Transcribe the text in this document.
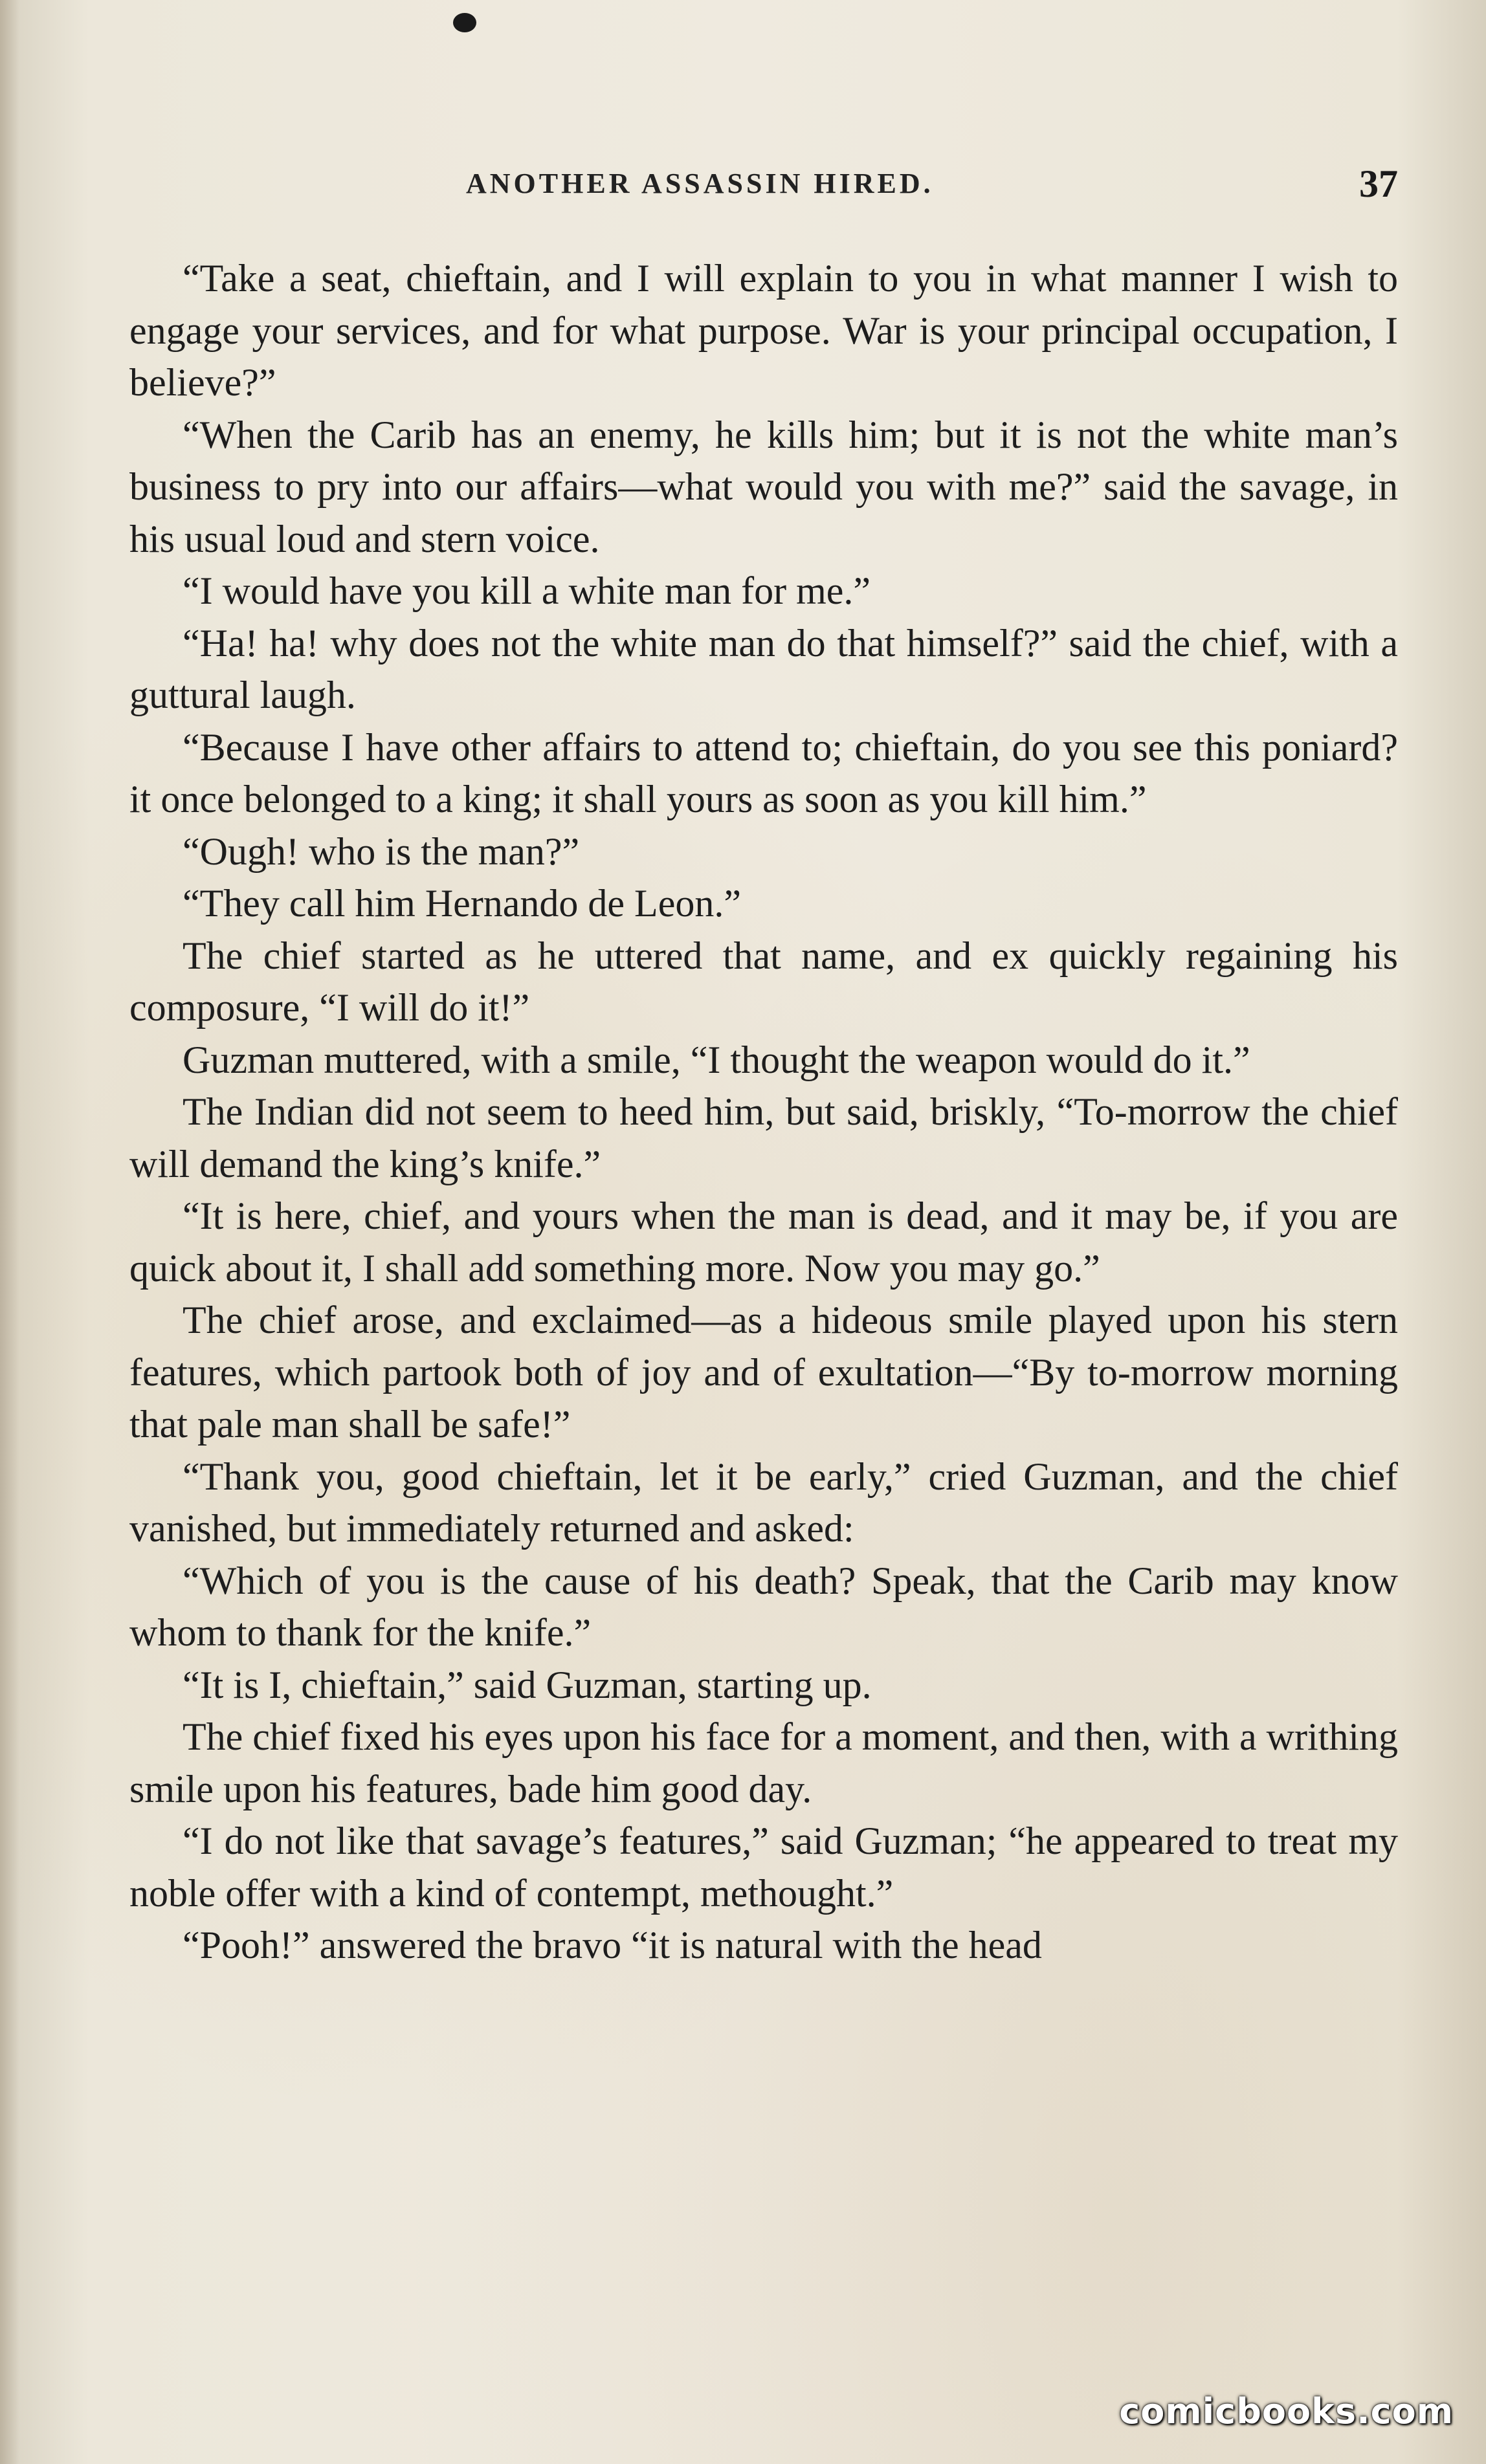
ANOTHER ASSASSIN HIRED.	37

“Take a seat, chieftain, and I will explain to you in what manner I wish to engage your services, and for what purpose. War is your principal occupation, I believe?”

“When the Carib has an enemy, he kills him; but it is not the white man’s business to pry into our affairs—what would you with me?” said the savage, in his usual loud and stern voice.

“I would have you kill a white man for me.”

“Ha! ha! why does not the white man do that himself?” said the chief, with a guttural laugh.

“Because I have other affairs to attend to; chieftain, do you see this poniard? it once belonged to a king; it shall yours as soon as you kill him.”

“Ough! who is the man?”

“They call him Hernando de Leon.”

The chief started as he uttered that name, and ex quickly regaining his composure, “I will do it!”

Guzman muttered, with a smile, “I thought the weapon would do it.”

The Indian did not seem to heed him, but said, briskly, “To-morrow the chief will demand the king’s knife.”

“It is here, chief, and yours when the man is dead, and it may be, if you are quick about it, I shall add something more. Now you may go.”

The chief arose, and exclaimed—as a hideous smile played upon his stern features, which partook both of joy and of exultation—“By to-morrow morning that pale man shall be safe!”

“Thank you, good chieftain, let it be early,” cried Guzman, and the chief vanished, but immediately returned and asked:

“Which of you is the cause of his death? Speak, that the Carib may know whom to thank for the knife.”

“It is I, chieftain,” said Guzman, starting up.

The chief fixed his eyes upon his face for a moment, and then, with a writhing smile upon his features, bade him good day.

“I do not like that savage’s features,” said Guzman; “he appeared to treat my noble offer with a kind of contempt, methought.”

“Pooh!” answered the bravo “it is natural with the head

comicbooks.com
